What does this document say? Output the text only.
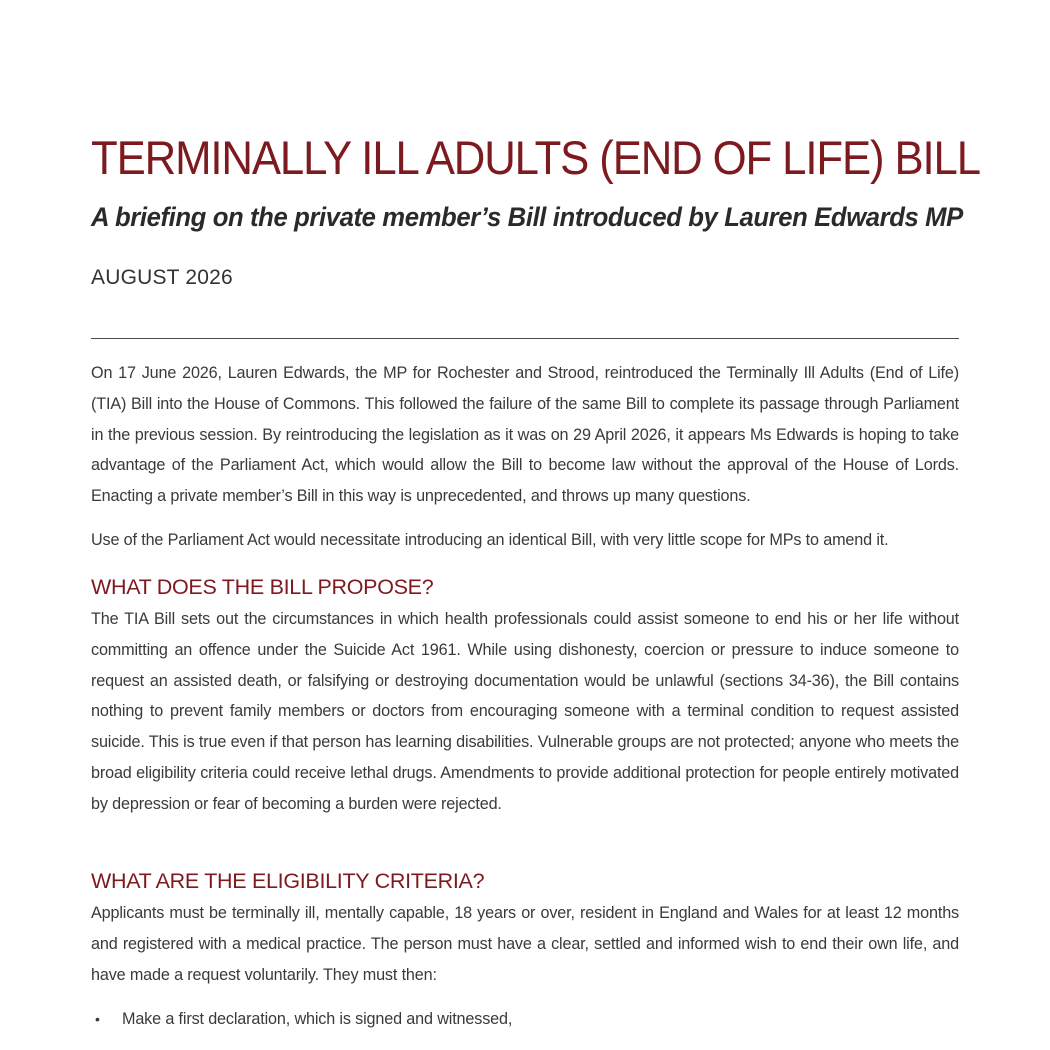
TERMINALLY ILL ADULTS (END OF LIFE) BILL
A briefing on the private member’s Bill introduced by Lauren Edwards MP
AUGUST 2026

On 17 June 2026, Lauren Edwards, the MP for Rochester and Strood, reintroduced the Terminally Ill Adults (End of Life) (TIA) Bill into the House of Commons. This followed the failure of the same Bill to complete its passage through Parliament in the previous session. By reintroducing the legislation as it was on 29 April 2026, it appears Ms Edwards is hoping to take advantage of the Parliament Act, which would allow the Bill to become law without the approval of the House of Lords. Enacting a private member’s Bill in this way is unprecedented, and throws up many questions.

Use of the Parliament Act would necessitate introducing an identical Bill, with very little scope for MPs to amend it.

WHAT DOES THE BILL PROPOSE?

The TIA Bill sets out the circumstances in which health professionals could assist someone to end his or her life without committing an offence under the Suicide Act 1961. While using dishonesty, coercion or pressure to induce someone to request an assisted death, or falsifying or destroying documentation would be unlawful (sections 34-36), the Bill contains nothing to prevent family members or doctors from encouraging someone with a terminal condition to request assisted suicide. This is true even if that person has learning disabilities. Vulnerable groups are not protected; anyone who meets the broad eligibility criteria could receive lethal drugs. Amendments to provide additional protection for people entirely motivated by depression or fear of becoming a burden were rejected.

WHAT ARE THE ELIGIBILITY CRITERIA?

Applicants must be terminally ill, mentally capable, 18 years or over, resident in England and Wales for at least 12 months and registered with a medical practice. The person must have a clear, settled and informed wish to end their own life, and have made a request voluntarily. They must then:

• Make a first declaration, which is signed and witnessed,
